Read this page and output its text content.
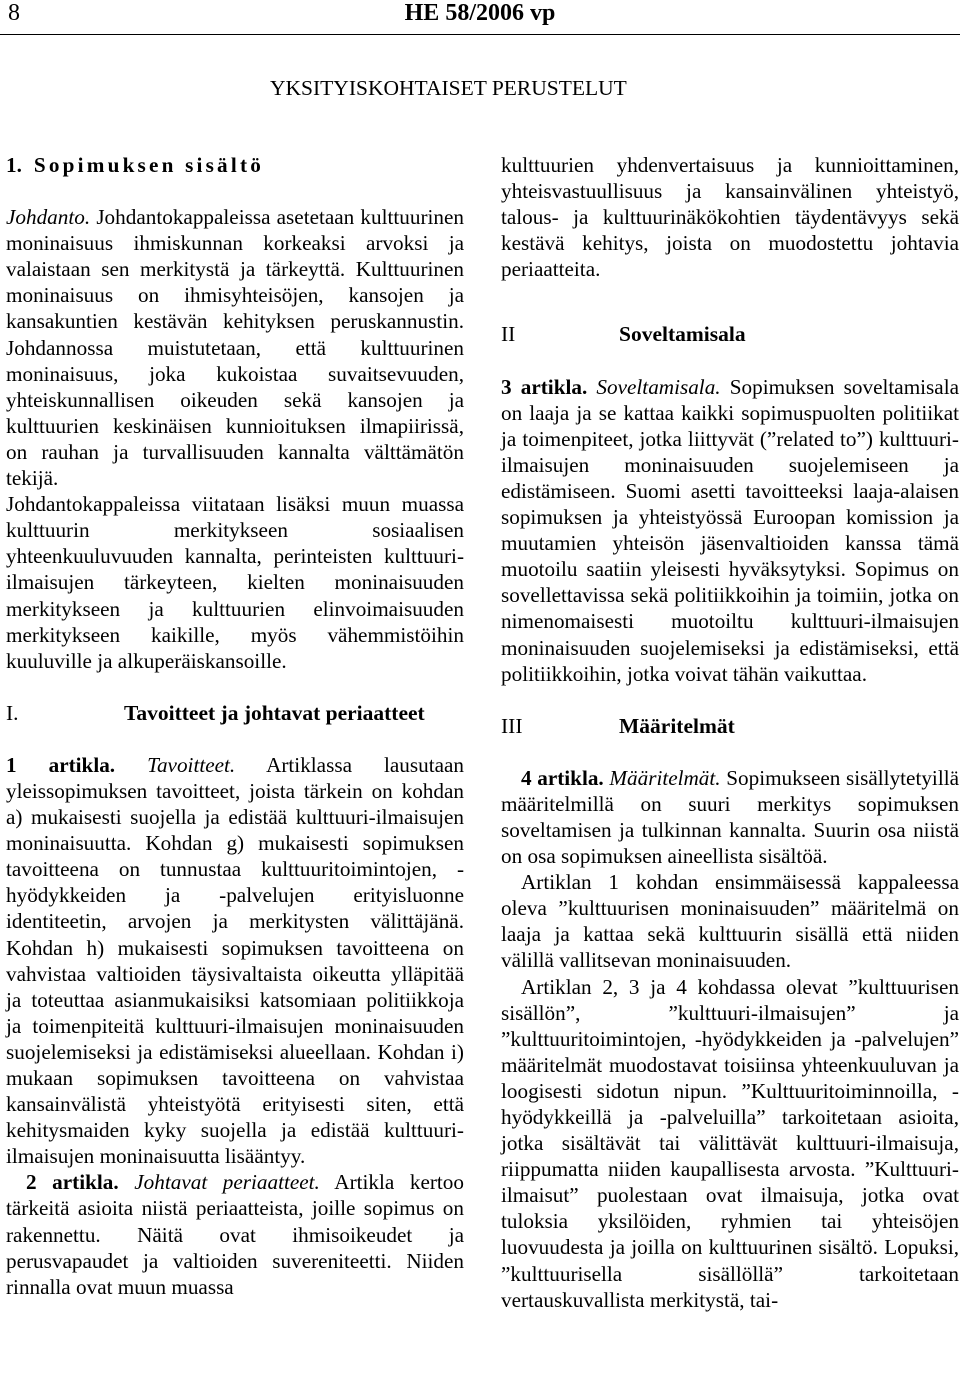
8	HE 58/2006 vp
YKSITYISKOHTAISET PERUSTELUT
1. Sopimuksen sisältö

Johdanto. Johdantokappaleissa asetetaan kulttuurinen moninaisuus ihmiskunnan korkeaksi arvoksi ja valaistaan sen merkitystä ja tärkeyttä. Kulttuurinen moninaisuus on ihmisyhteisöjen, kansojen ja kansakuntien kestävän kehityksen peruskannustin. Johdannossa muistutetaan, että kulttuurinen moninaisuus, joka kukoistaa suvaitsevuuden, yhteiskunnallisen oikeuden sekä kansojen ja kulttuurien keskinäisen kunnioituksen ilmapiirissä, on rauhan ja turvallisuuden kannalta välttämätön tekijä.

Johdantokappaleissa viitataan lisäksi muun muassa kulttuurin merkitykseen sosiaalisen yhteenkuuluvuuden kannalta, perinteisten kulttuuri-ilmaisujen tärkeyteen, kielten moninaisuuden merkitykseen ja kulttuurien elinvoimaisuuden merkitykseen kaikille, myös vähemmistöihin kuuluville ja alkuperäiskansoille.

I.	Tavoitteet ja johtavat periaatteet

1 artikla. Tavoitteet. Artiklassa lausutaan yleissopimuksen tavoitteet, joista tärkein on kohdan a) mukaisesti suojella ja edistää kulttuuri-ilmaisujen moninaisuutta. Kohdan g) mukaisesti sopimuksen tavoitteena on tunnustaa kulttuuritoimintojen, -hyödykkeiden ja -palvelujen erityisluonne identiteetin, arvojen ja merkitysten välittäjänä. Kohdan h) mukaisesti sopimuksen tavoitteena on vahvistaa valtioiden täysivaltaista oikeutta ylläpitää ja toteuttaa asianmukaisiksi katsomiaan politiikkoja ja toimenpiteitä kulttuuri-ilmaisujen moninaisuuden suojelemiseksi ja edistämiseksi alueellaan. Kohdan i) mukaan sopimuksen tavoitteena on vahvistaa kansainvälistä yhteistyötä erityisesti siten, että kehitysmaiden kyky suojella ja edistää kulttuuri-ilmaisujen moninaisuutta lisääntyy.

2 artikla. Johtavat periaatteet. Artikla kertoo tärkeitä asioita niistä periaatteista, joille sopimus on rakennettu. Näitä ovat ihmisoikeudet ja perusvapaudet ja valtioiden suvereniteetti. Niiden rinnalla ovat muun muassa

kulttuurien yhdenvertaisuus ja kunnioittaminen, yhteisvastuullisuus ja kansainvälinen yhteistyö, talous- ja kulttuurinäkökohtien täydentävyys sekä kestävä kehitys, joista on muodostettu johtavia periaatteita.

II	Soveltamisala

3 artikla. Soveltamisala. Sopimuksen soveltamisala on laaja ja se kattaa kaikki sopimuspuolten politiikat ja toimenpiteet, jotka liittyvät (”related to”) kulttuuri-ilmaisujen moninaisuuden suojelemiseen ja edistämiseen. Suomi asetti tavoitteeksi laaja-alaisen sopimuksen ja yhteistyössä Euroopan komission ja muutamien yhteisön jäsenvaltioiden kanssa tämä muotoilu saatiin yleisesti hyväksytyksi. Sopimus on sovellettavissa sekä politiikkoihin ja toimiin, jotka on nimenomaisesti muotoiltu kulttuuri-ilmaisujen moninaisuuden suojelemiseksi ja edistämiseksi, että politiikkoihin, jotka voivat tähän vaikuttaa.

III	Määritelmät

4 artikla. Määritelmät. Sopimukseen sisällytetyillä määritelmillä on suuri merkitys sopimuksen soveltamisen ja tulkinnan kannalta. Suurin osa niistä on osa sopimuksen aineellista sisältöä.

Artiklan 1 kohdan ensimmäisessä kappaleessa oleva ”kulttuurisen moninaisuuden” määritelmä on laaja ja kattaa sekä kulttuurin sisällä että niiden välillä vallitsevan moninaisuuden.

Artiklan 2, 3 ja 4 kohdassa olevat ”kulttuurisen sisällön”, ”kulttuuri-ilmaisujen” ja ”kulttuuritoimintojen, -hyödykkeiden ja -palvelujen” määritelmät muodostavat toisiinsa yhteenkuuluvan ja loogisesti sidotun nipun. ”Kulttuuritoiminnoilla, -hyödykkeillä ja -palveluilla” tarkoitetaan asioita, jotka sisältävät tai välittävät kulttuuri-ilmaisuja, riippumatta niiden kaupallisesta arvosta. ”Kulttuuri-ilmaisut” puolestaan ovat ilmaisuja, jotka ovat tuloksia yksilöiden, ryhmien tai yhteisöjen luovuudesta ja joilla on kulttuurinen sisältö. Lopuksi, ”kulttuurisella sisällöllä” tarkoitetaan vertauskuvallista merkitystä, tai-
